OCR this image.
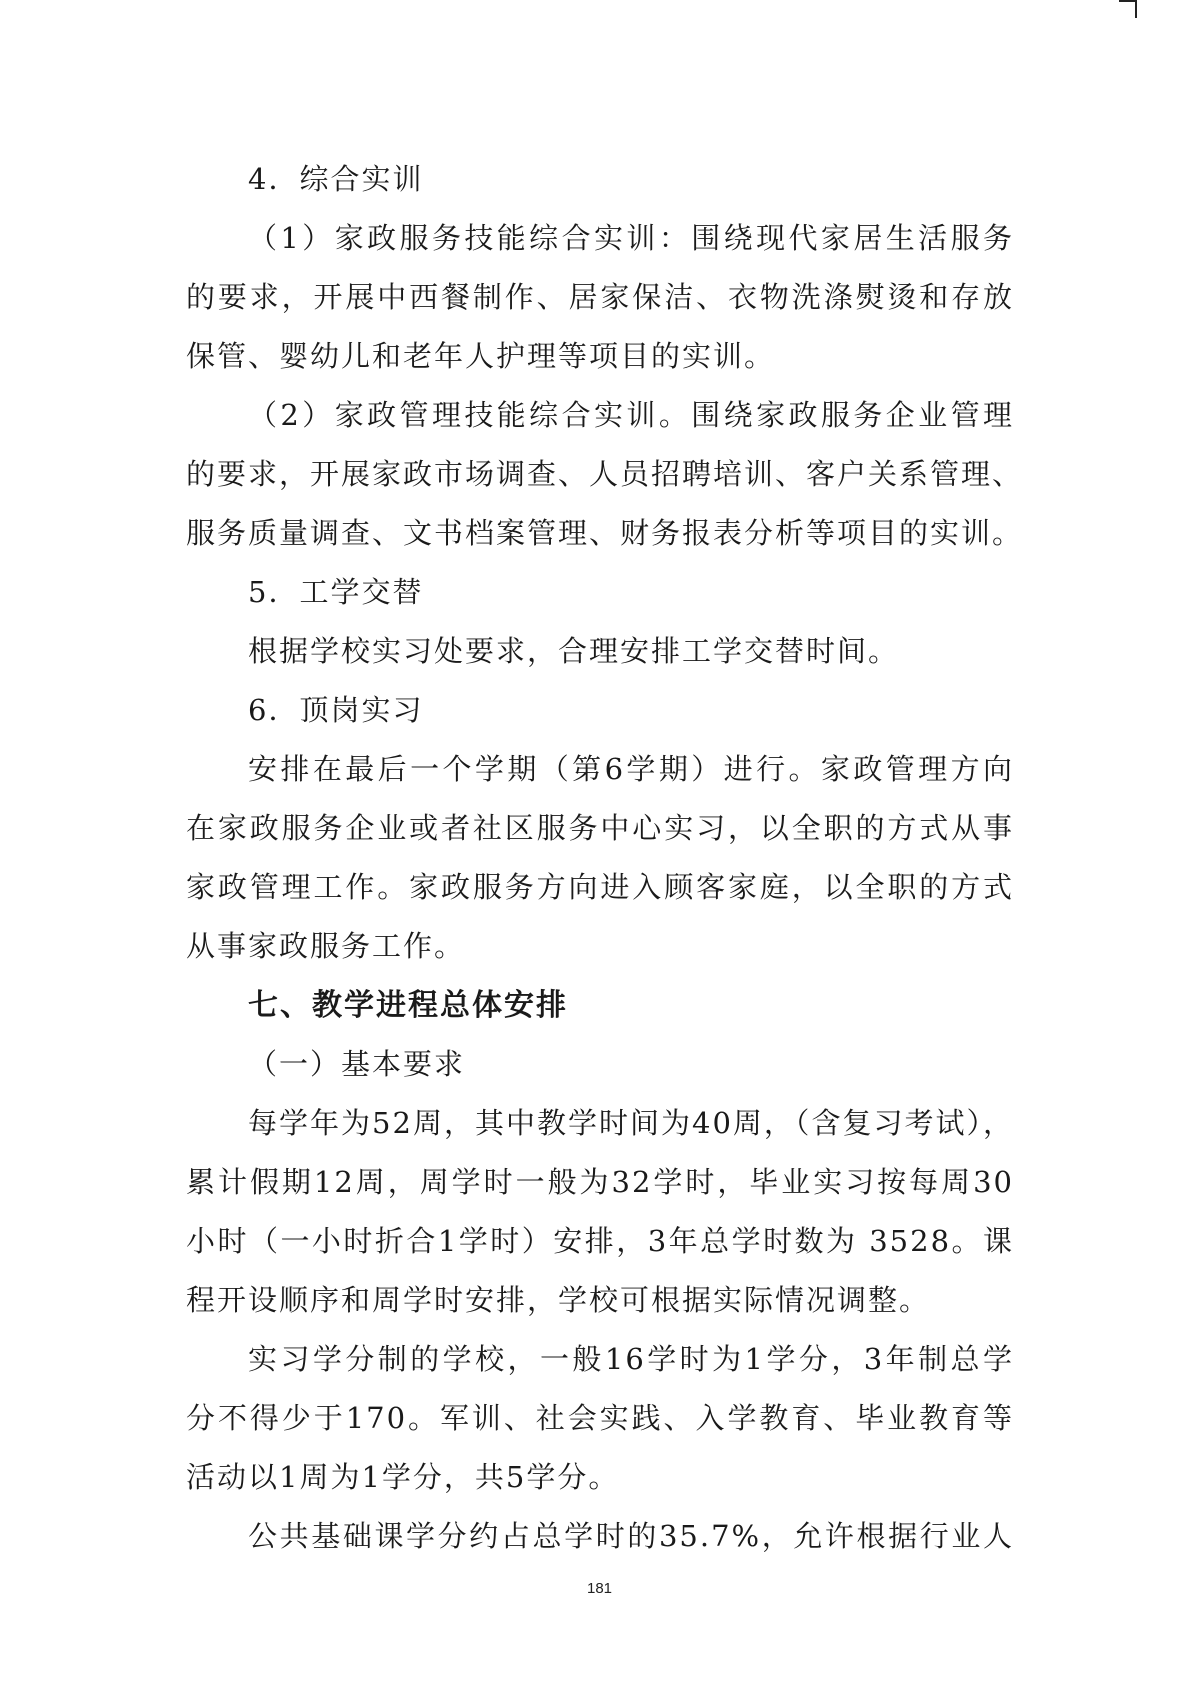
4．综合实训
（1）家政服务技能综合实训：围绕现代家居生活服务
的要求，开展中西餐制作、居家保洁、衣物洗涤熨烫和存放
保管、婴幼儿和老年人护理等项目的实训。
（2）家政管理技能综合实训。围绕家政服务企业管理
的要求，开展家政市场调查、人员招聘培训、客户关系管理、
服务质量调查、文书档案管理、财务报表分析等项目的实训。
5．工学交替
根据学校实习处要求，合理安排工学交替时间。
6．顶岗实习
安排在最后一个学期（第6学期）进行。家政管理方向
在家政服务企业或者社区服务中心实习，以全职的方式从事
家政管理工作。家政服务方向进入顾客家庭，以全职的方式
从事家政服务工作。
七、教学进程总体安排
（一）基本要求
每学年为52周，其中教学时间为40周，（含复习考试），
累计假期12周，周学时一般为32学时，毕业实习按每周30
小时（一小时折合1学时）安排，3年总学时数为 3528。课
程开设顺序和周学时安排，学校可根据实际情况调整。
实习学分制的学校，一般16学时为1学分，3年制总学
分不得少于170。军训、社会实践、入学教育、毕业教育等
活动以1周为1学分，共5学分。
公共基础课学分约占总学时的35.7%，允许根据行业人
181
